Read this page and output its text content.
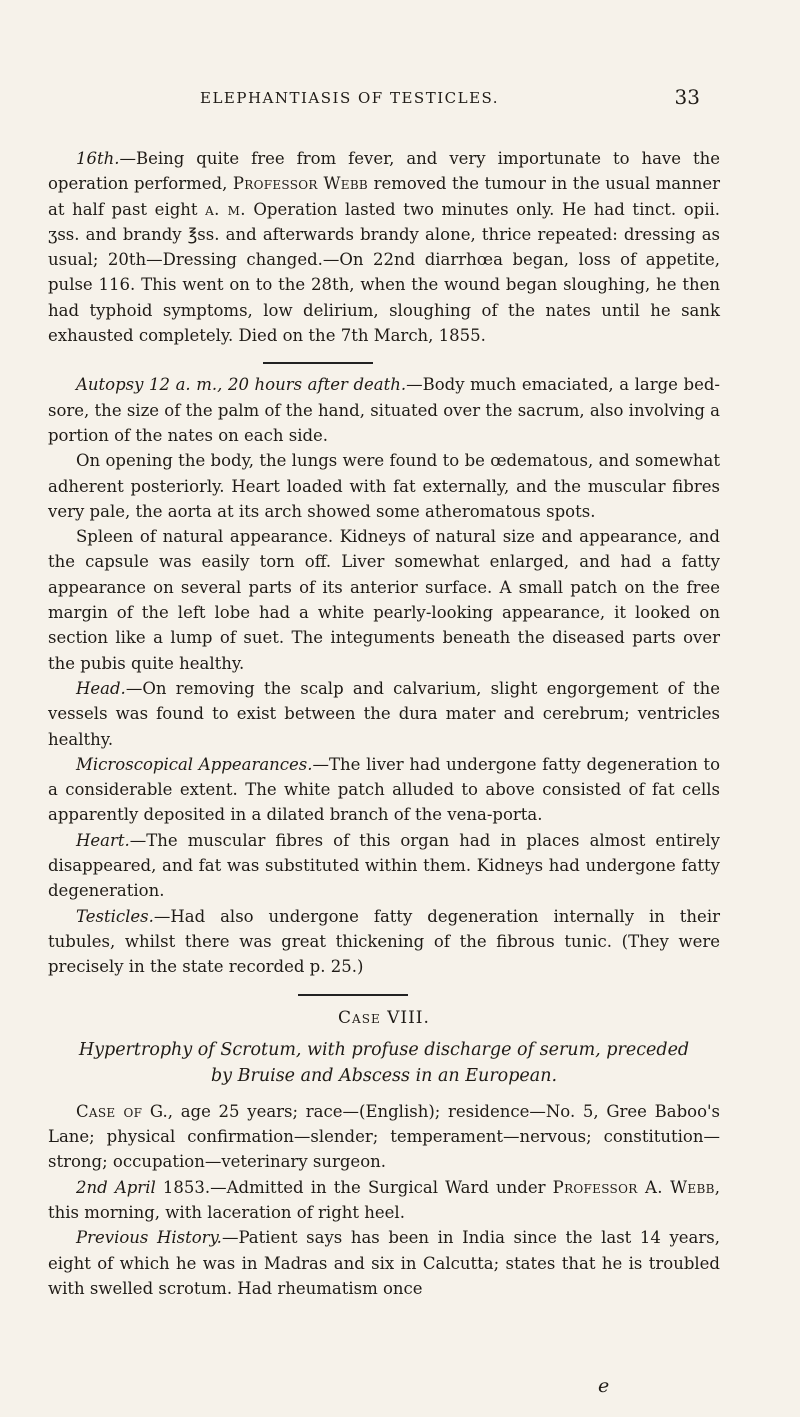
ELEPHANTIASIS OF TESTICLES.	33

16th.—Being quite free from fever, and very importunate to have the operation performed, Professor Webb removed the tumour in the usual manner at half past eight a. m. Operation lasted two minutes only. He had tinct. opii. ʒss. and brandy ℥ss. and afterwards brandy alone, thrice repeated: dressing as usual; 20th—Dressing changed.—On 22nd diarrhœa began, loss of appetite, pulse 116. This went on to the 28th, when the wound began sloughing, he then had typhoid symptoms, low delirium, sloughing of the nates until he sank exhausted completely. Died on the 7th March, 1855.

Autopsy 12 a. m., 20 hours after death.—Body much emaciated, a large bed-sore, the size of the palm of the hand, situated over the sacrum, also involving a portion of the nates on each side.

On opening the body, the lungs were found to be œdematous, and somewhat adherent posteriorly. Heart loaded with fat externally, and the muscular fibres very pale, the aorta at its arch showed some atheromatous spots.

Spleen of natural appearance. Kidneys of natural size and appearance, and the capsule was easily torn off. Liver somewhat enlarged, and had a fatty appearance on several parts of its anterior surface. A small patch on the free margin of the left lobe had a white pearly-looking appearance, it looked on section like a lump of suet. The integuments beneath the diseased parts over the pubis quite healthy.

Head.—On removing the scalp and calvarium, slight engorgement of the vessels was found to exist between the dura mater and cerebrum; ventricles healthy.

Microscopical Appearances.—The liver had undergone fatty degeneration to a considerable extent. The white patch alluded to above consisted of fat cells apparently deposited in a dilated branch of the vena-porta.

Heart.—The muscular fibres of this organ had in places almost entirely disappeared, and fat was substituted within them. Kidneys had undergone fatty degeneration.

Testicles.—Had also undergone fatty degeneration internally in their tubules, whilst there was great thickening of the fibrous tunic. (They were precisely in the state recorded p. 25.)

Case VIII.
Hypertrophy of Scrotum, with profuse discharge of serum, preceded by Bruise and Abscess in an European.

Case of G., age 25 years; race—(English); residence—No. 5, Gree Baboo's Lane; physical confirmation—slender; temperament—nervous; constitution—strong; occupation—veterinary surgeon.

2nd April 1853.—Admitted in the Surgical Ward under Professor A. Webb, this morning, with laceration of right heel.

Previous History.—Patient says has been in India since the last 14 years, eight of which he was in Madras and six in Calcutta; states that he is troubled with swelled scrotum. Had rheumatism once

e
